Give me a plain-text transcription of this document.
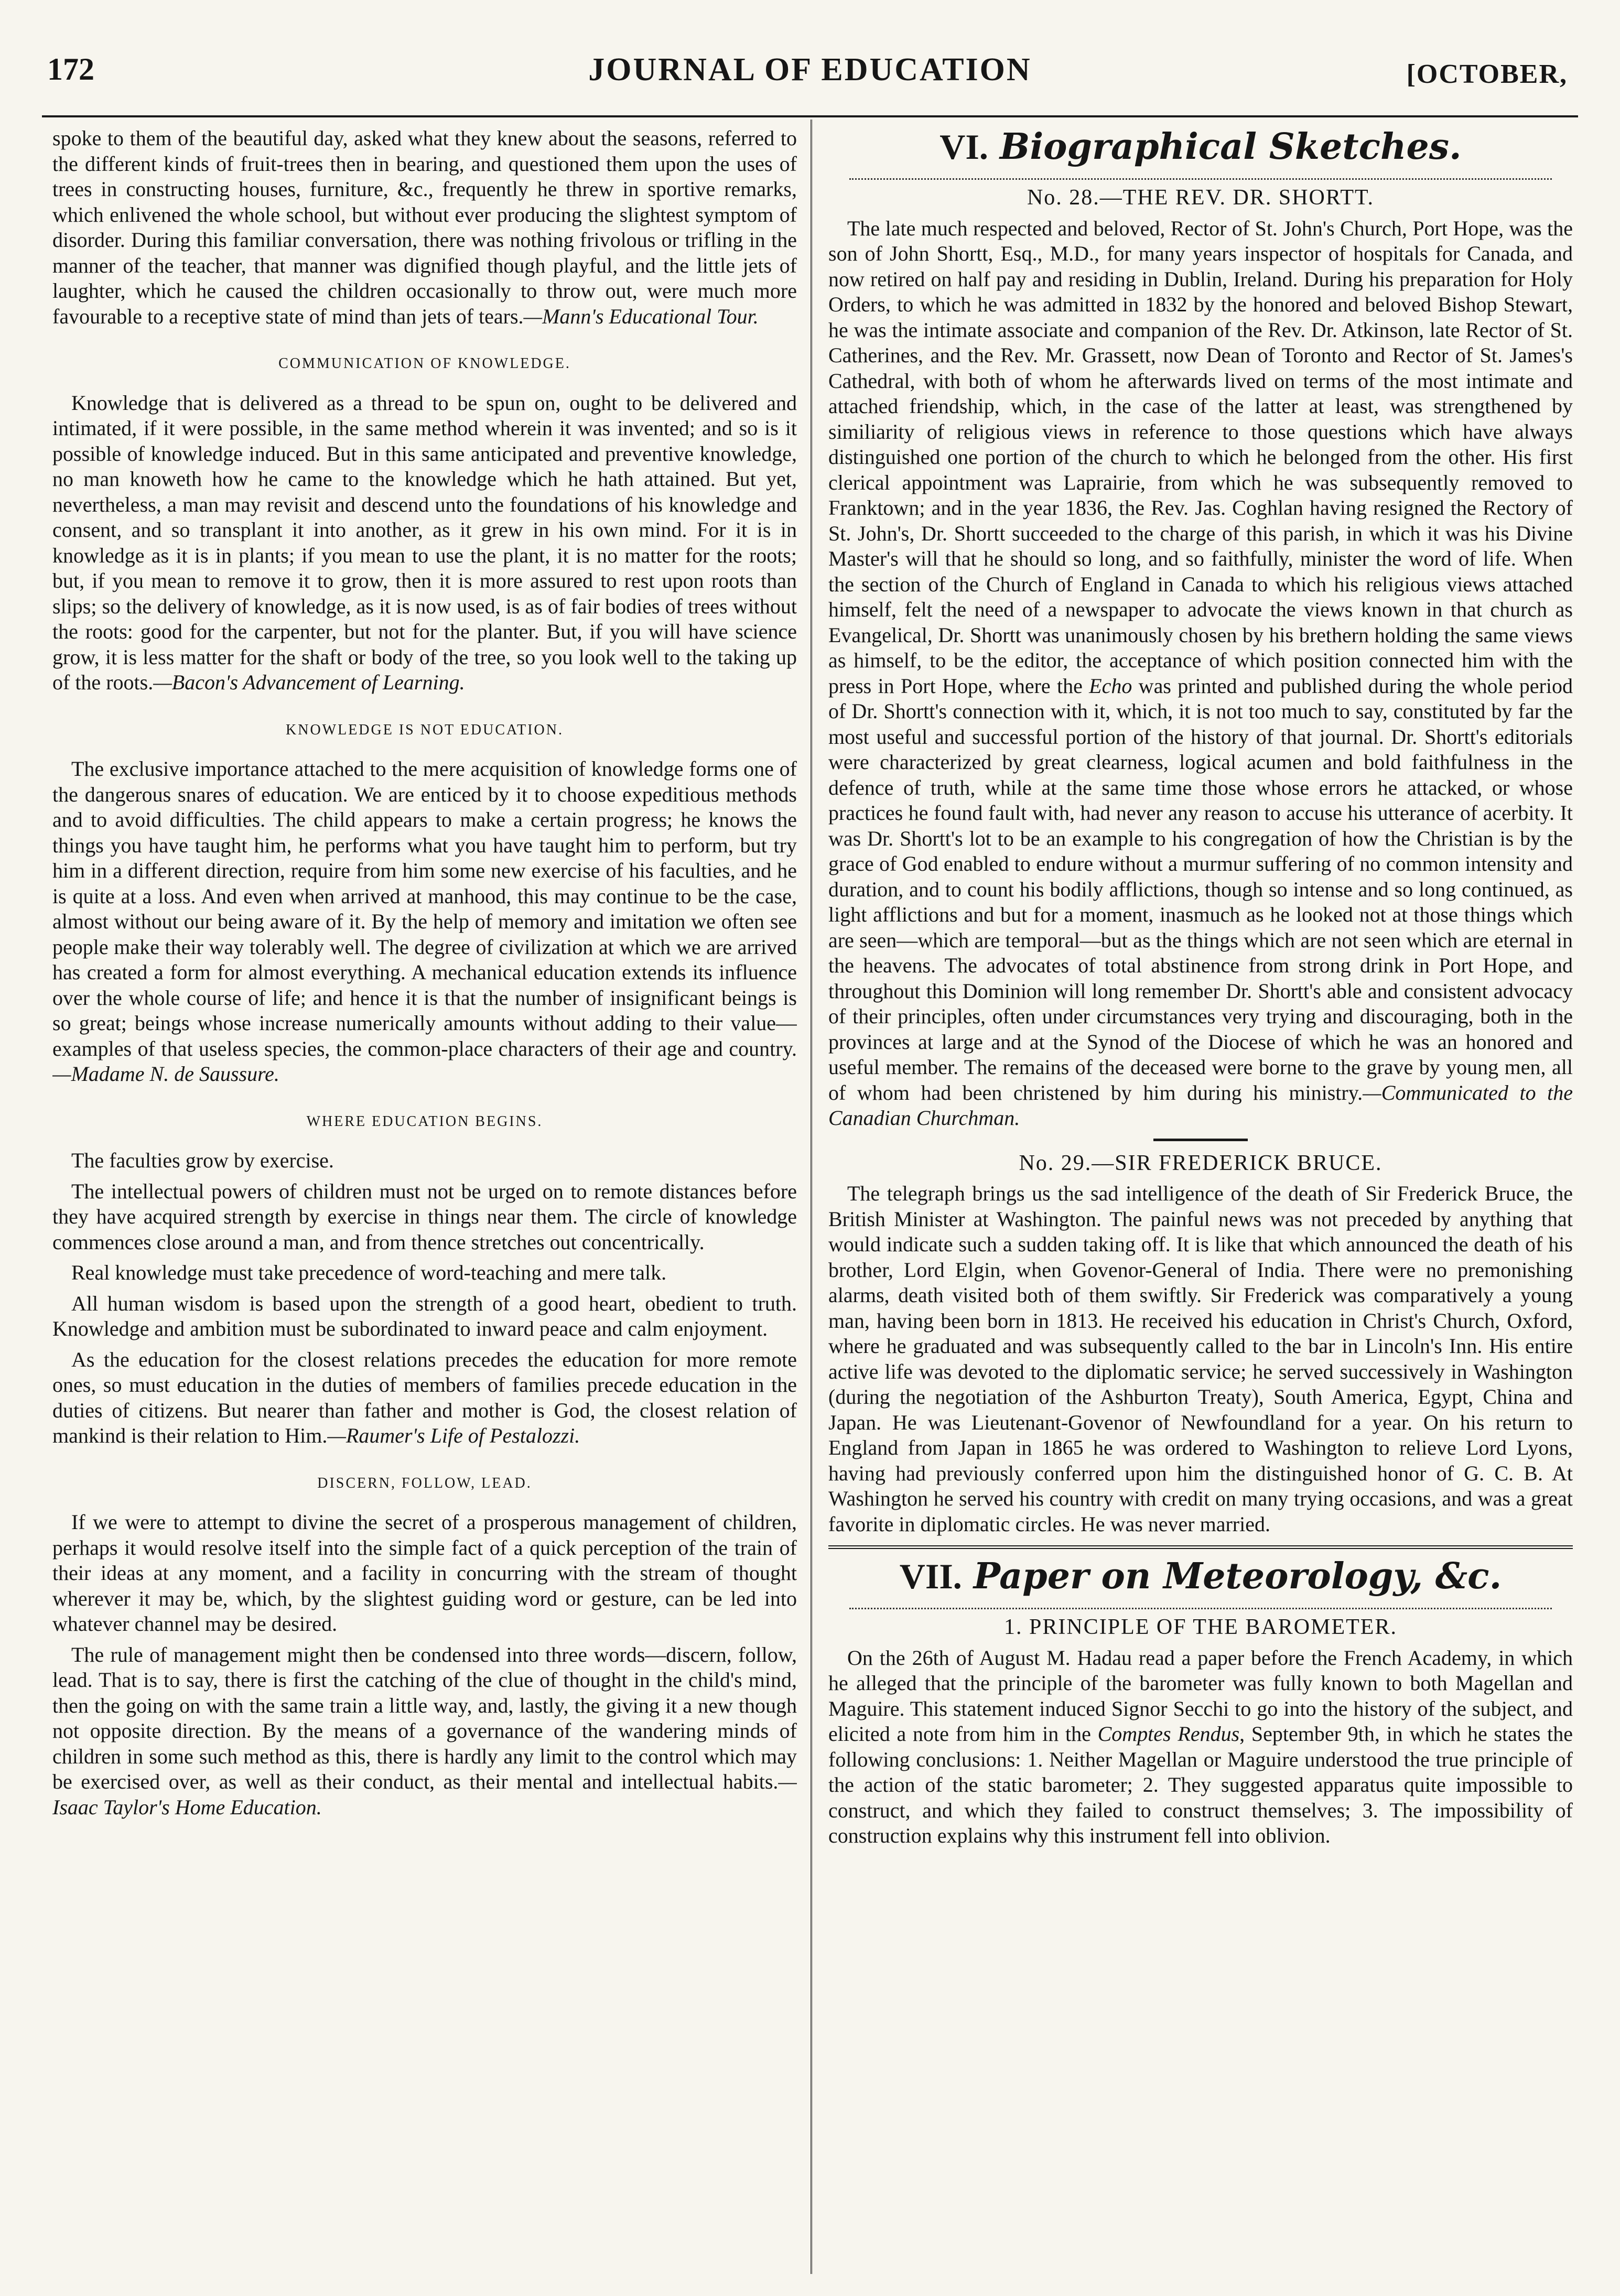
172	JOURNAL OF EDUCATION	[OCTOBER,

spoke to them of the beautiful day, asked what they knew about the seasons, referred to the different kinds of fruit-trees then in bearing, and questioned them upon the uses of trees in constructing houses, furniture, &c., frequently he threw in sportive remarks, which enlivened the whole school, but without ever producing the slightest symptom of disorder. During this familiar conversation, there was nothing frivolous or trifling in the manner of the teacher, that manner was dignified though playful, and the little jets of laughter, which he caused the children occasionally to throw out, were much more favourable to a receptive state of mind than jets of tears.—Mann's Educational Tour.

COMMUNICATION OF KNOWLEDGE.

Knowledge that is delivered as a thread to be spun on, ought to be delivered and intimated, if it were possible, in the same method wherein it was invented; and so is it possible of knowledge induced. But in this same anticipated and preventive knowledge, no man knoweth how he came to the knowledge which he hath attained. But yet, nevertheless, a man may revisit and descend unto the foundations of his knowledge and consent, and so transplant it into another, as it grew in his own mind. For it is in knowledge as it is in plants; if you mean to use the plant, it is no matter for the roots; but, if you mean to remove it to grow, then it is more assured to rest upon roots than slips; so the delivery of knowledge, as it is now used, is as of fair bodies of trees without the roots: good for the carpenter, but not for the planter. But, if you will have science grow, it is less matter for the shaft or body of the tree, so you look well to the taking up of the roots.—Bacon's Advancement of Learning.

KNOWLEDGE IS NOT EDUCATION.

The exclusive importance attached to the mere acquisition of knowledge forms one of the dangerous snares of education. We are enticed by it to choose expeditious methods and to avoid difficulties. The child appears to make a certain progress; he knows the things you have taught him, he performs what you have taught him to perform, but try him in a different direction, require from him some new exercise of his faculties, and he is quite at a loss. And even when arrived at manhood, this may continue to be the case, almost without our being aware of it. By the help of memory and imitation we often see people make their way tolerably well. The degree of civilization at which we are arrived has created a form for almost everything. A mechanical education extends its influence over the whole course of life; and hence it is that the number of insignificant beings is so great; beings whose increase numerically amounts without adding to their value—examples of that useless species, the common-place characters of their age and country.—Madame N. de Saussure.

WHERE EDUCATION BEGINS.

The faculties grow by exercise.

The intellectual powers of children must not be urged on to remote distances before they have acquired strength by exercise in things near them. The circle of knowledge commences close around a man, and from thence stretches out concentrically.

Real knowledge must take precedence of word-teaching and mere talk.

All human wisdom is based upon the strength of a good heart, obedient to truth. Knowledge and ambition must be subordinated to inward peace and calm enjoyment.

As the education for the closest relations precedes the education for more remote ones, so must education in the duties of members of families precede education in the duties of citizens. But nearer than father and mother is God, the closest relation of mankind is their relation to Him.—Raumer's Life of Pestalozzi.

DISCERN, FOLLOW, LEAD.

If we were to attempt to divine the secret of a prosperous management of children, perhaps it would resolve itself into the simple fact of a quick perception of the train of their ideas at any moment, and a facility in concurring with the stream of thought wherever it may be, which, by the slightest guiding word or gesture, can be led into whatever channel may be desired.

The rule of management might then be condensed into three words—discern, follow, lead. That is to say, there is first the catching of the clue of thought in the child's mind, then the going on with the same train a little way, and, lastly, the giving it a new though not opposite direction. By the means of a governance of the wandering minds of children in some such method as this, there is hardly any limit to the control which may be exercised over, as well as their conduct, as their mental and intellectual habits.—Isaac Taylor's Home Education.

VI. Biographical Sketches.
No. 28.—THE REV. DR. SHORTT.

The late much respected and beloved, Rector of St. John's Church, Port Hope, was the son of John Shortt, Esq., M.D., for many years inspector of hospitals for Canada, and now retired on half pay and residing in Dublin, Ireland. During his preparation for Holy Orders, to which he was admitted in 1832 by the honored and beloved Bishop Stewart, he was the intimate associate and companion of the Rev. Dr. Atkinson, late Rector of St. Catherines, and the Rev. Mr. Grassett, now Dean of Toronto and Rector of St. James's Cathedral, with both of whom he afterwards lived on terms of the most intimate and attached friendship, which, in the case of the latter at least, was strengthened by similiarity of religious views in reference to those questions which have always distinguished one portion of the church to which he belonged from the other. His first clerical appointment was Laprairie, from which he was subsequently removed to Franktown; and in the year 1836, the Rev. Jas. Coghlan having resigned the Rectory of St. John's, Dr. Shortt succeeded to the charge of this parish, in which it was his Divine Master's will that he should so long, and so faithfully, minister the word of life. When the section of the Church of England in Canada to which his religious views attached himself, felt the need of a newspaper to advocate the views known in that church as Evangelical, Dr. Shortt was unanimously chosen by his brethern holding the same views as himself, to be the editor, the acceptance of which position connected him with the press in Port Hope, where the Echo was printed and published during the whole period of Dr. Shortt's connection with it, which, it is not too much to say, constituted by far the most useful and successful portion of the history of that journal. Dr. Shortt's editorials were characterized by great clearness, logical acumen and bold faithfulness in the defence of truth, while at the same time those whose errors he attacked, or whose practices he found fault with, had never any reason to accuse his utterance of acerbity. It was Dr. Shortt's lot to be an example to his congregation of how the Christian is by the grace of God enabled to endure without a murmur suffering of no common intensity and duration, and to count his bodily afflictions, though so intense and so long continued, as light afflictions and but for a moment, inasmuch as he looked not at those things which are seen—which are temporal—but as the things which are not seen which are eternal in the heavens. The advocates of total abstinence from strong drink in Port Hope, and throughout this Dominion will long remember Dr. Shortt's able and consistent advocacy of their principles, often under circumstances very trying and discouraging, both in the provinces at large and at the Synod of the Diocese of which he was an honored and useful member. The remains of the deceased were borne to the grave by young men, all of whom had been christened by him during his ministry.—Communicated to the Canadian Churchman.

No. 29.—SIR FREDERICK BRUCE.

The telegraph brings us the sad intelligence of the death of Sir Frederick Bruce, the British Minister at Washington. The painful news was not preceded by anything that would indicate such a sudden taking off. It is like that which announced the death of his brother, Lord Elgin, when Govenor-General of India. There were no premonishing alarms, death visited both of them swiftly. Sir Frederick was comparatively a young man, having been born in 1813. He received his education in Christ's Church, Oxford, where he graduated and was subsequently called to the bar in Lincoln's Inn. His entire active life was devoted to the diplomatic service; he served successively in Washington (during the negotiation of the Ashburton Treaty), South America, Egypt, China and Japan. He was Lieutenant-Govenor of Newfoundland for a year. On his return to England from Japan in 1865 he was ordered to Washington to relieve Lord Lyons, having had previously conferred upon him the distinguished honor of G. C. B. At Washington he served his country with credit on many trying occasions, and was a great favorite in diplomatic circles. He was never married.

VII. Paper on Meteorology, &c.
1. PRINCIPLE OF THE BAROMETER.

On the 26th of August M. Hadau read a paper before the French Academy, in which he alleged that the principle of the barometer was fully known to both Magellan and Maguire. This statement induced Signor Secchi to go into the history of the subject, and elicited a note from him in the Comptes Rendus, September 9th, in which he states the following conclusions: 1. Neither Magellan or Maguire understood the true principle of the action of the static barometer; 2. They suggested apparatus quite impossible to construct, and which they failed to construct themselves; 3. The impossibility of construction explains why this instrument fell into oblivion.
